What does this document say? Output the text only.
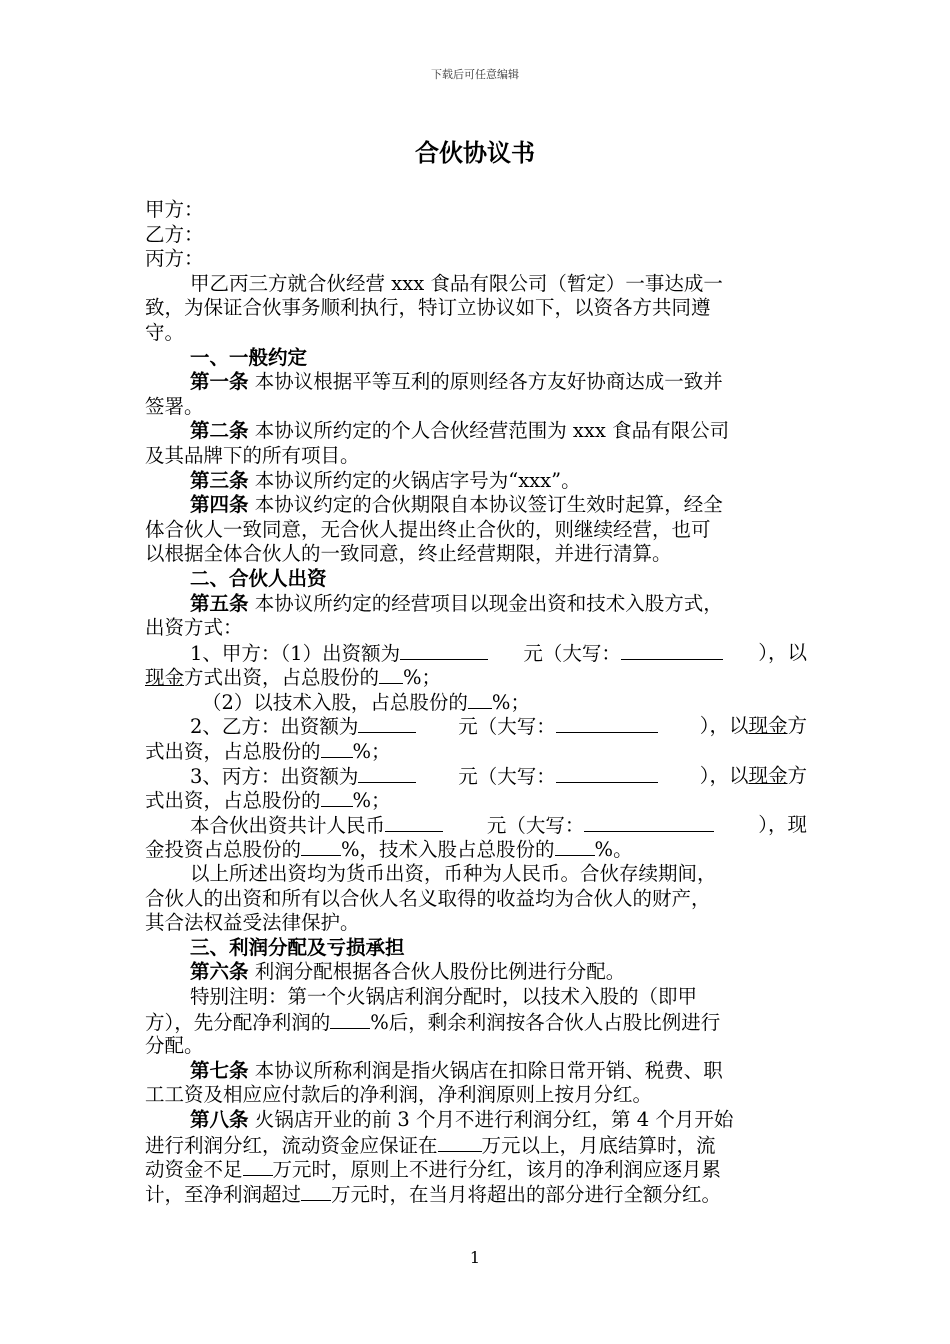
下载后可任意编辑
合伙协议书
甲方：
乙方：
丙方：
甲乙丙三方就合伙经营 xxx 食品有限公司（暂定）一事达成一
致，为保证合伙事务顺利执行，特订立协议如下，以资各方共同遵
守。
一、一般约定
第一条 本协议根据平等互利的原则经各方友好协商达成一致并
签署。
第二条 本协议所约定的个人合伙经营范围为 xxx 食品有限公司
及其品牌下的所有项目。
第三条 本协议所约定的火锅店字号为“xxx”。
第四条 本协议约定的合伙期限自本协议签订生效时起算，经全
体合伙人一致同意，无合伙人提出终止合伙的，则继续经营，也可
以根据全体合伙人的一致同意，终止经营期限，并进行清算。
二、合伙人出资
第五条 本协议所约定的经营项目以现金出资和技术入股方式，
出资方式：
1、甲方：（1）出资额为	元（大写：	），以
现金方式出资，占总股份的 %；
（2）以技术入股，占总股份的 %；
2、乙方：出资额为	元（大写：	），以现金方
式出资，占总股份的 %；
3、丙方：出资额为	元（大写：	），以现金方
式出资，占总股份的 %；
本合伙出资共计人民币	元（大写：	），现
金投资占总股份的 %，技术入股占总股份的 %。
以上所述出资均为货币出资，币种为人民币。合伙存续期间，
合伙人的出资和所有以合伙人名义取得的收益均为合伙人的财产，
其合法权益受法律保护。
三、利润分配及亏损承担
第六条 利润分配根据各合伙人股份比例进行分配。
特别注明：第一个火锅店利润分配时，以技术入股的（即甲
方），先分配净利润的 %后，剩余利润按各合伙人占股比例进行
分配。
第七条 本协议所称利润是指火锅店在扣除日常开销、税费、职
工工资及相应应付款后的净利润，净利润原则上按月分红。
第八条 火锅店开业的前 3 个月不进行利润分红，第 4 个月开始
进行利润分红，流动资金应保证在 万元以上，月底结算时，流
动资金不足 万元时，原则上不进行分红，该月的净利润应逐月累
计，至净利润超过 万元时，在当月将超出的部分进行全额分红。
1
